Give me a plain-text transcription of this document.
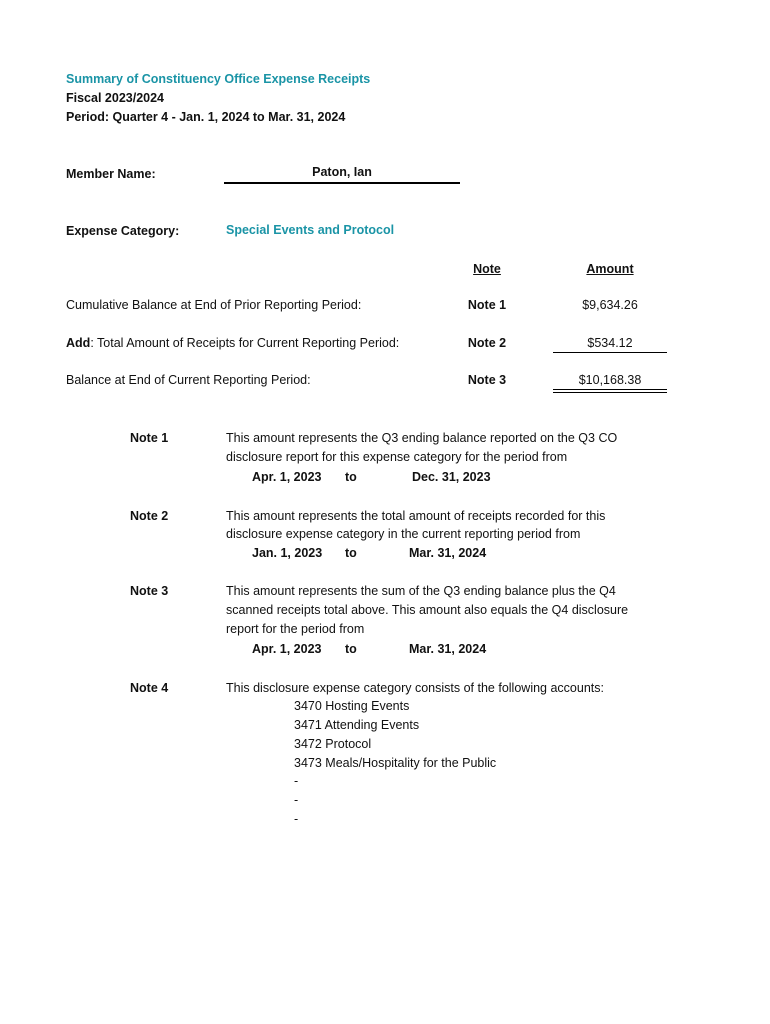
Summary of Constituency Office Expense Receipts
Fiscal 2023/2024
Period: Quarter 4 - Jan. 1, 2024 to Mar. 31, 2024
Member Name:	Paton, Ian
Expense Category:	Special Events and Protocol
Note	Amount
Cumulative Balance at End of Prior Reporting Period:	Note 1	$9,634.26
Add: Total Amount of Receipts for Current Reporting Period:	Note 2	$534.12
Balance at End of Current Reporting Period:	Note 3	$10,168.38
Note 1	This amount represents the Q3 ending balance reported on the Q3 CO
disclosure report for this expense category for the period from
Apr. 1, 2023 to	Dec. 31, 2023
Note 2	This amount represents the total amount of receipts recorded for this
disclosure expense category in the current reporting period from
Jan. 1, 2023 to	Mar. 31, 2024
Note 3	This amount represents the sum of the Q3 ending balance plus the Q4
scanned receipts total above. This amount also equals the Q4 disclosure
report for the period from
Apr. 1, 2023 to	Mar. 31, 2024
Note 4	This disclosure expense category consists of the following accounts:
3470 Hosting Events
3471 Attending Events
3472 Protocol
3473 Meals/Hospitality for the Public
-
-
-
